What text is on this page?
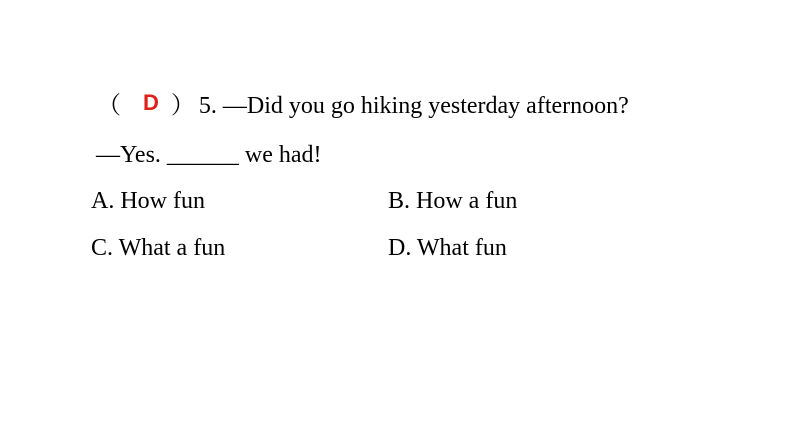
（ D ） 5. —Did you go hiking yesterday afternoon?
—Yes. ______ we had!
A. How fun	B. How a fun
C. What a fun	D. What fun
